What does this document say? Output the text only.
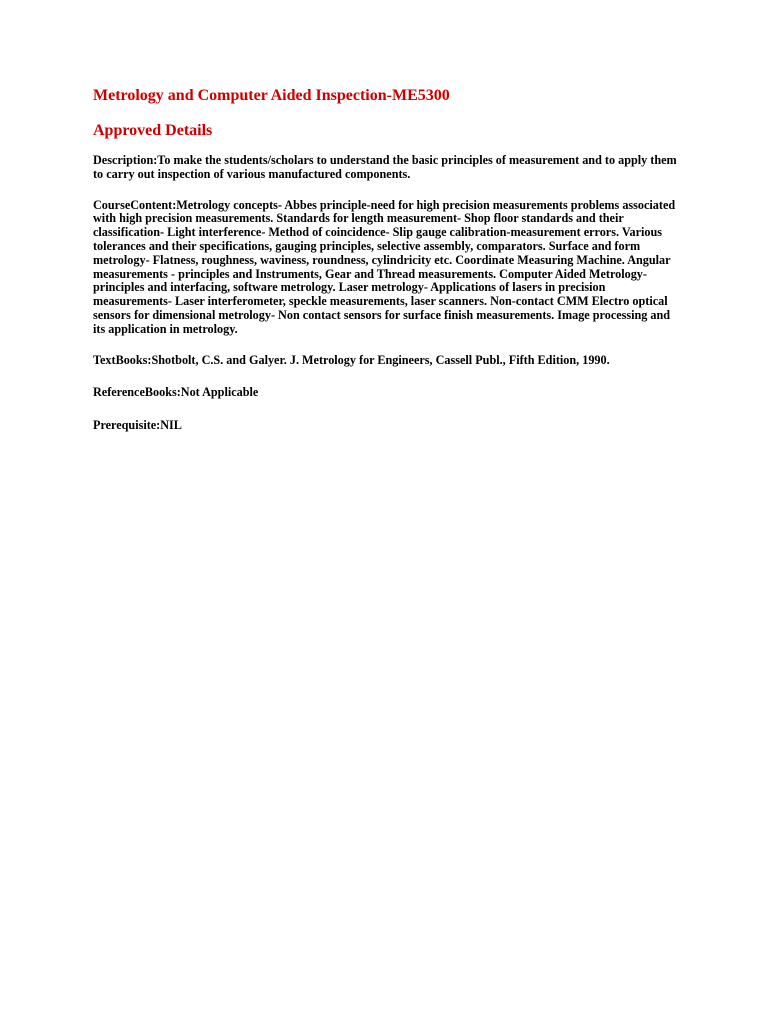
Metrology and Computer Aided Inspection-ME5300
Approved Details

Description:To make the students/scholars to understand the basic principles of measurement and to apply them to carry out inspection of various manufactured components.

CourseContent:Metrology concepts- Abbes principle-need for high precision measurements problems associated with high precision measurements. Standards for length measurement- Shop floor standards and their classification- Light interference- Method of coincidence- Slip gauge calibration-measurement errors. Various tolerances and their specifications, gauging principles, selective assembly, comparators. Surface and form metrology- Flatness, roughness, waviness, roundness, cylindricity etc. Coordinate Measuring Machine. Angular measurements - principles and Instruments, Gear and Thread measurements. Computer Aided Metrology- principles and interfacing, software metrology. Laser metrology- Applications of lasers in precision measurements- Laser interferometer, speckle measurements, laser scanners. Non-contact CMM Electro optical sensors for dimensional metrology- Non contact sensors for surface finish measurements. Image processing and its application in metrology.

TextBooks:Shotbolt, C.S. and Galyer. J. Metrology for Engineers, Cassell Publ., Fifth Edition, 1990.

ReferenceBooks:Not Applicable

Prerequisite:NIL
